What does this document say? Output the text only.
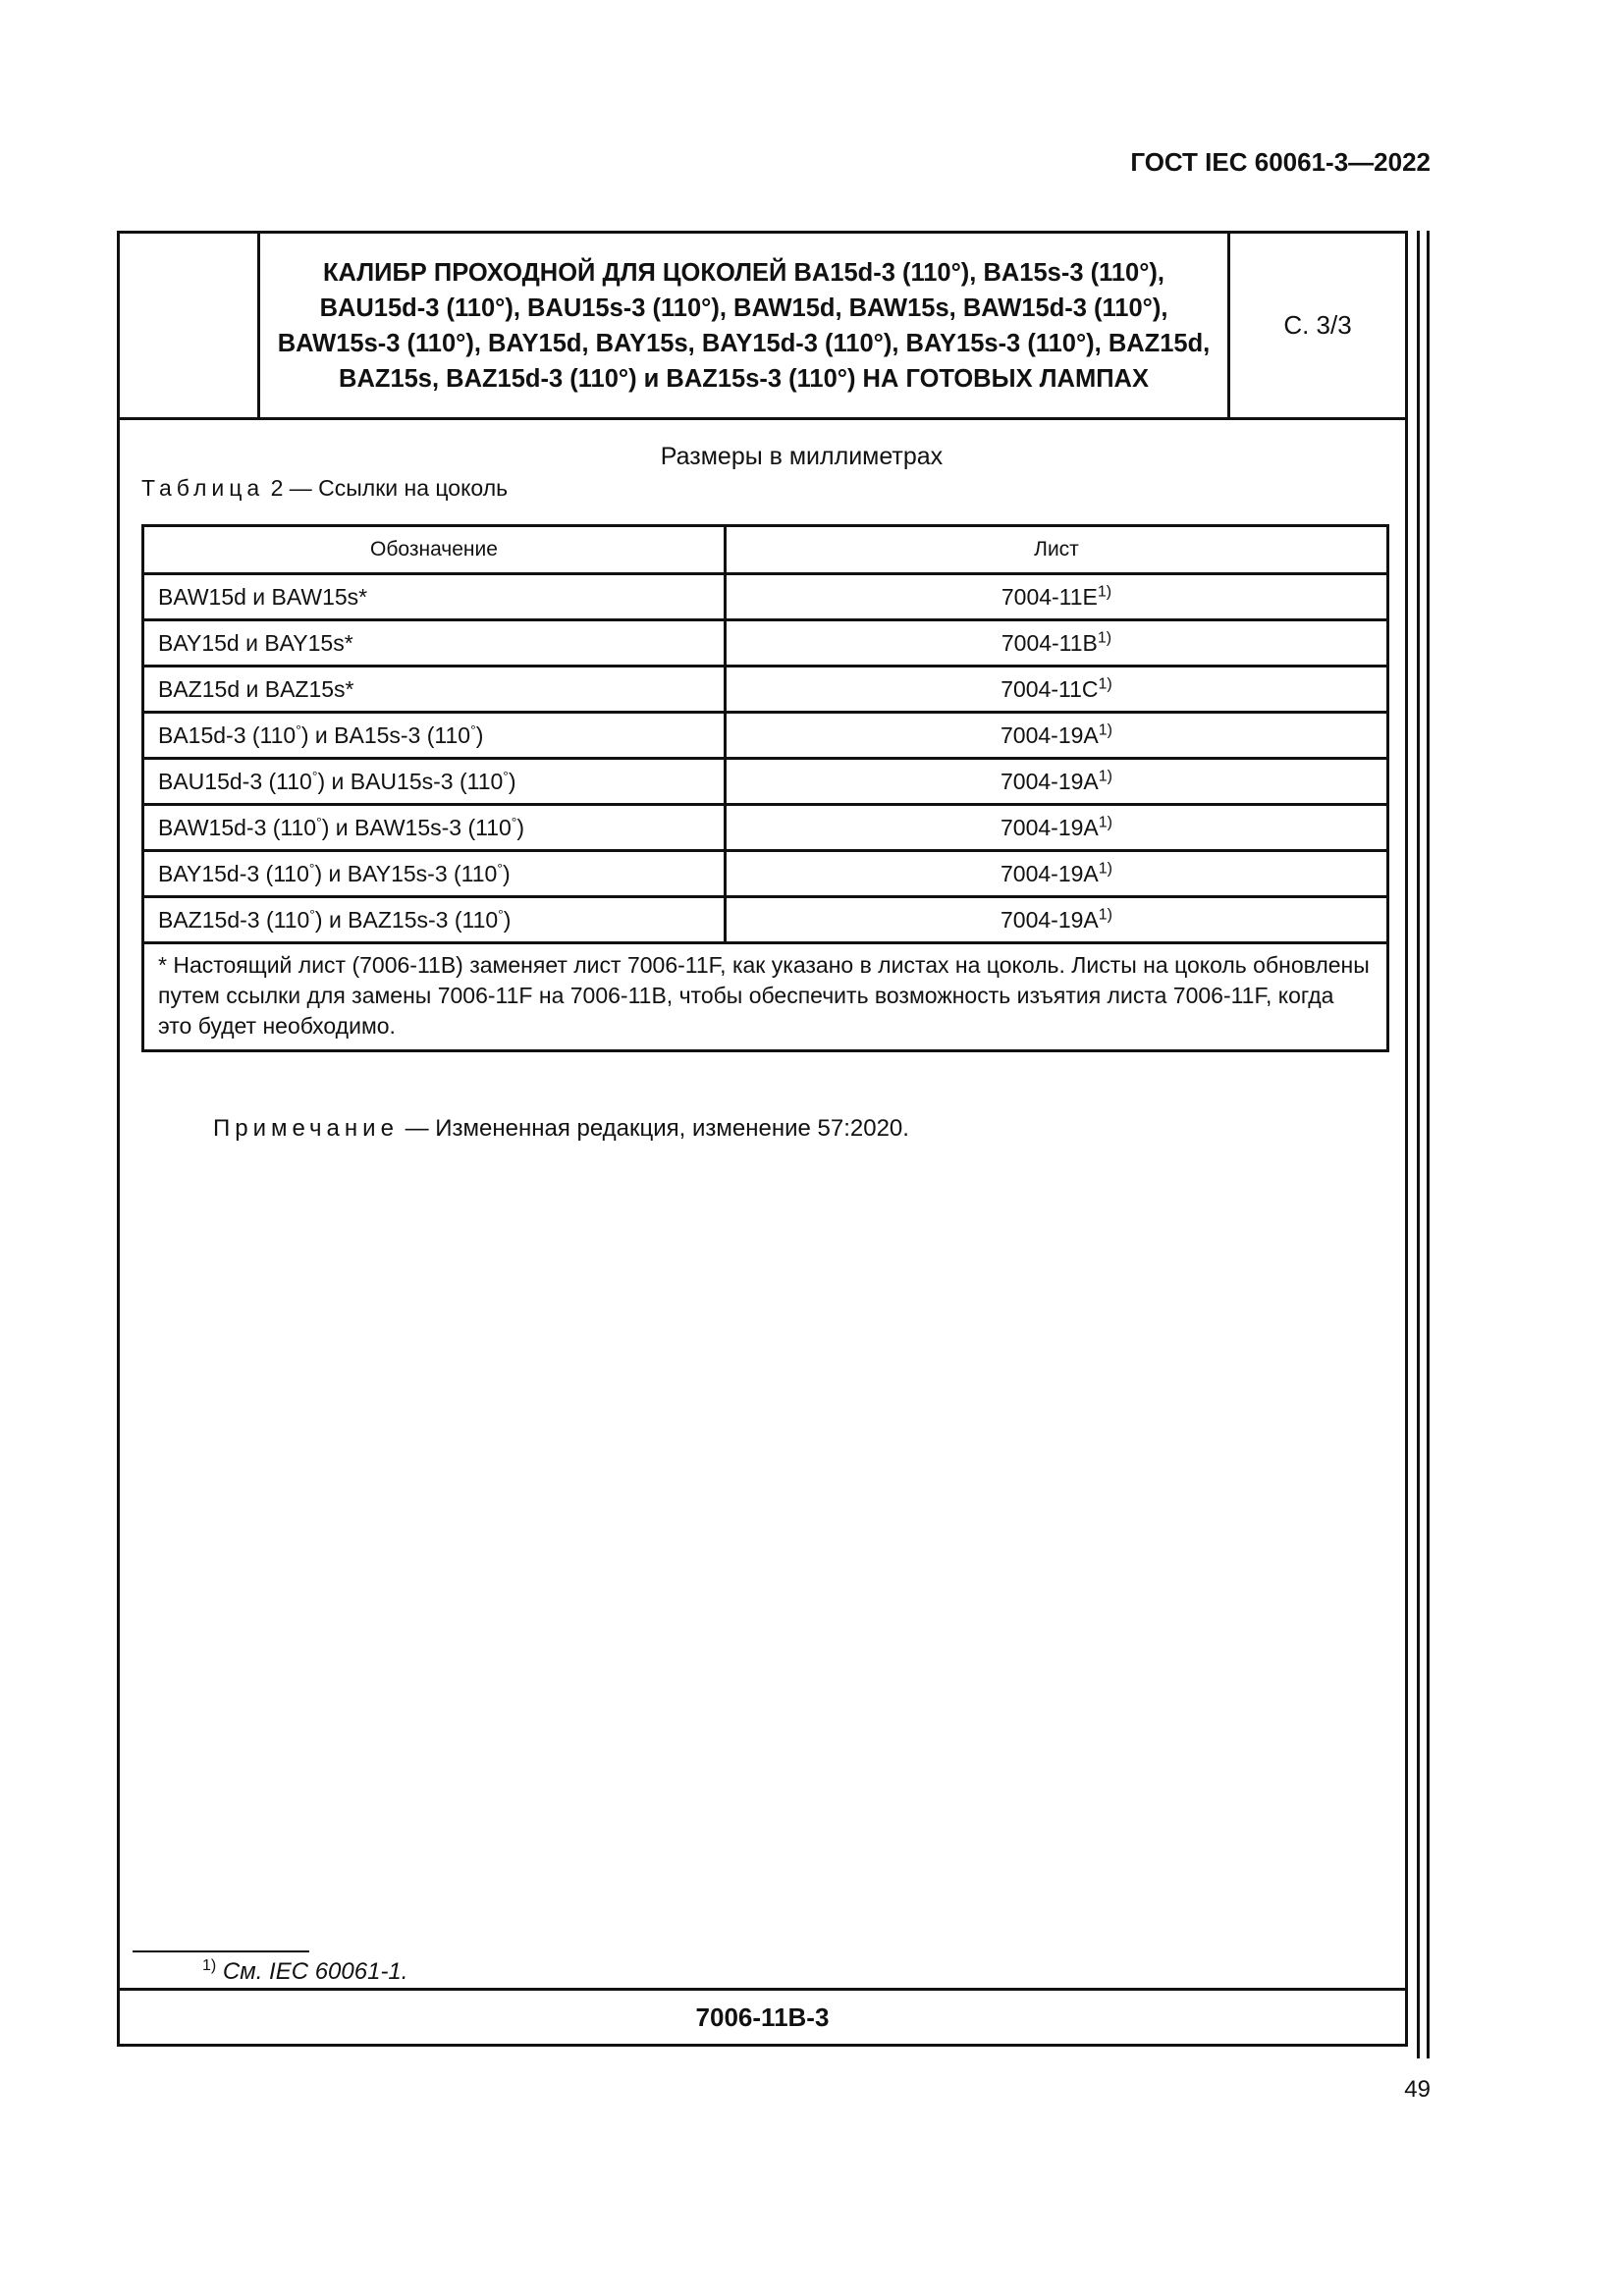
ГОСТ IEC 60061-3—2022
КАЛИБР ПРОХОДНОЙ ДЛЯ ЦОКОЛЕЙ BA15d-3 (110°), BA15s-3 (110°), BAU15d-3 (110°), BAU15s-3 (110°), BAW15d, BAW15s, BAW15d-3 (110°), BAW15s-3 (110°), BAY15d, BAY15s, BAY15d-3 (110°), BAY15s-3 (110°), BAZ15d, BAZ15s, BAZ15d-3 (110°) и BAZ15s-3 (110°) НА ГОТОВЫХ ЛАМПАХ
С. 3/3
Размеры в миллиметрах
Таблица 2 — Ссылки на цоколь
Обозначение	Лист
BAW15d и BAW15s*	$7004-11E^{1)}$
BAY15d и BAY15s*	$7004-11B^{1)}$
BAZ15d и BAZ15s*	$7004-11C^{1)}$
BA15d-3 (110°) и BA15s-3 (110°)	$7004-19A^{1)}$
BAU15d-3 (110°) и BAU15s-3 (110°)	$7004-19A^{1)}$
BAW15d-3 (110°) и BAW15s-3 (110°)	$7004-19A^{1)}$
BAY15d-3 (110°) и BAY15s-3 (110°)	$7004-19A^{1)}$
BAZ15d-3 (110°) и BAZ15s-3 (110°)	$7004-19A^{1)}$
* Настоящий лист (7006-11B) заменяет лист 7006-11F, как указано в листах на цоколь. Листы на цоколь обновлены путем ссылки для замены 7006-11F на 7006-11B, чтобы обеспечить возможность изъятия листа 7006-11F, когда это будет необходимо.	
Примечание — Измененная редакция, изменение 57:2020.
$^{1)}$ См. IEC 60061-1.
7006-11B-3
49
